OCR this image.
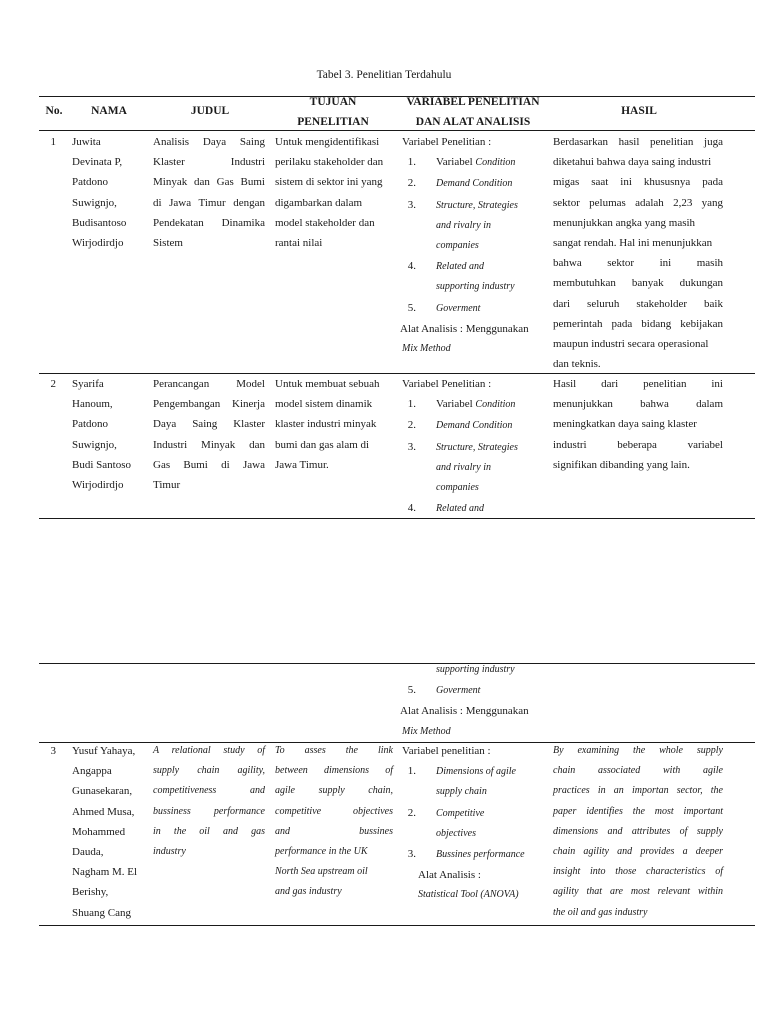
Tabel 3. Penelitian Terdahulu
No.	NAMA	JUDUL
TUJUAN
PENELITIAN
VARIABEL PENELITIAN
DAN ALAT ANALISIS
HASIL
1 Juwita
Devinata P,
Patdono
Suwignjo,
Budisantoso
Wirjodirdjo
Analisis Daya Saing
Klaster Industri
Minyak dan Gas Bumi
di Jawa Timur dengan
Pendekatan Dinamika
Sistem
Untuk mengidentifikasi
perilaku stakeholder dan
sistem di sektor ini yang
digambarkan dalam
model stakeholder dan
rantai nilai
Variabel Penelitian :
1. Variabel Condition
2. Demand Condition
3. Structure, Strategies
and rivalry in
companies
4. Related and
supporting industry
5. Goverment
Alat Analisis : Menggunakan
Mix Method
Berdasarkan hasil penelitian juga
diketahui bahwa daya saing industri
migas saat ini khususnya pada
sektor pelumas adalah 2,23 yang
menunjukkan angka yang masih
sangat rendah. Hal ini menunjukkan
bahwa sektor ini masih
membutuhkan banyak dukungan
dari seluruh stakeholder baik
pemerintah pada bidang kebijakan
maupun industri secara operasional
dan teknis.
2 Syarifa
Hanoum,
Patdono
Suwignjo,
Budi Santoso
Wirjodirdjo
Perancangan Model
Pengembangan Kinerja
Daya Saing Klaster
Industri Minyak dan
Gas Bumi di Jawa
Timur
Untuk membuat sebuah
model sistem dinamik
klaster industri minyak
bumi dan gas alam di
Jawa Timur.
Variabel Penelitian :
1. Variabel Condition
2. Demand Condition
3. Structure, Strategies
and rivalry in
companies
4. Related and
Hasil dari penelitian ini
menunjukkan bahwa dalam
meningkatkan daya saing klaster
industri beberapa variabel
signifikan dibanding yang lain.
supporting industry
5. Goverment
Alat Analisis : Menggunakan
Mix Method
3 Yusuf Yahaya,
Angappa
Gunasekaran,
Ahmed Musa,
Mohammed
Dauda,
Nagham M. El
Berishy,
Shuang Cang
A relational study of
supply chain agility,
competitiveness and
bussiness performance
in the oil and gas
industry
To asses the link
between dimensions of
agile supply chain,
competitive objectives
and bussines
performance in the UK
North Sea upstream oil
and gas industry
Variabel penelitian :
1. Dimensions of agile
supply chain
2. Competitive
objectives
3. Bussines performance
Alat Analisis :
Statistical Tool (ANOVA)
By examining the whole supply
chain associated with agile
practices in an importan sector, the
paper identifies the most important
dimensions and attributes of supply
chain agility and provides a deeper
insight into those characteristics of
agility that are most relevant within
the oil and gas industry
